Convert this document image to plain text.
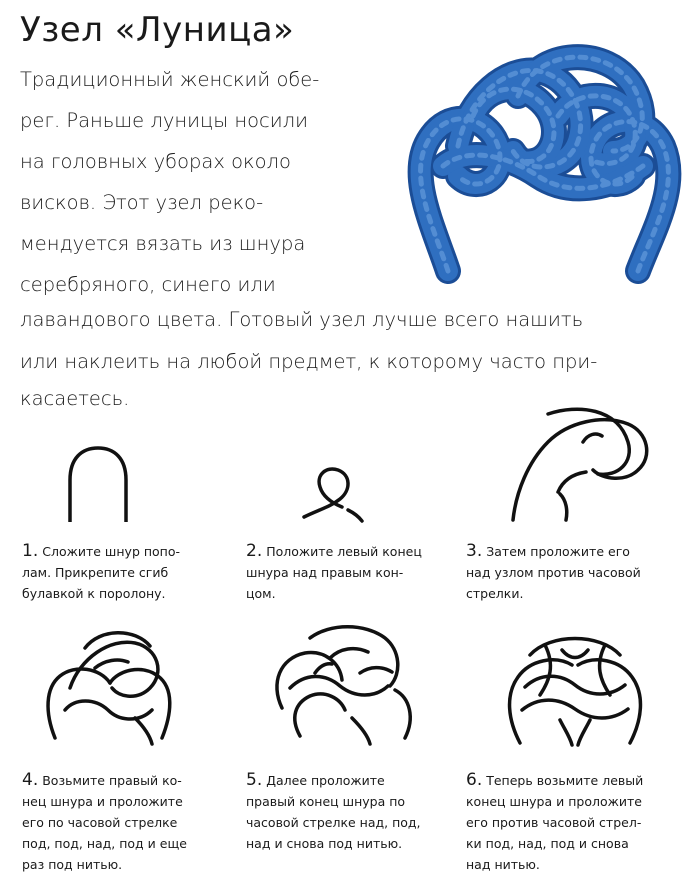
Узел «Луница»
Традиционный женский обе-
рег. Раньше луницы носили
на головных уборах около
висков. Этот узел реко-
мендуется вязать из шнура
серебряного, синего или
лавандового цвета. Готовый узел лучше всего нашить
или наклеить на любой предмет, к которому часто при-
касаетесь.
1. Сложите шнур попо-
лам. Прикрепите сгиб
булавкой к поролону.
2. Положите левый конец
шнура над правым кон-
цом.
3. Затем проложите его
над узлом против часовой
стрелки.
4. Возьмите правый ко-
нец шнура и проложите
его по часовой стрелке
под, под, над, под и еще
раз под нитью.
5. Далее проложите
правый конец шнура по
часовой стрелке над, под,
над и снова под нитью.
6. Теперь возьмите левый
конец шнура и проложите
его против часовой стрел-
ки под, над, под и снова
над нитью.
